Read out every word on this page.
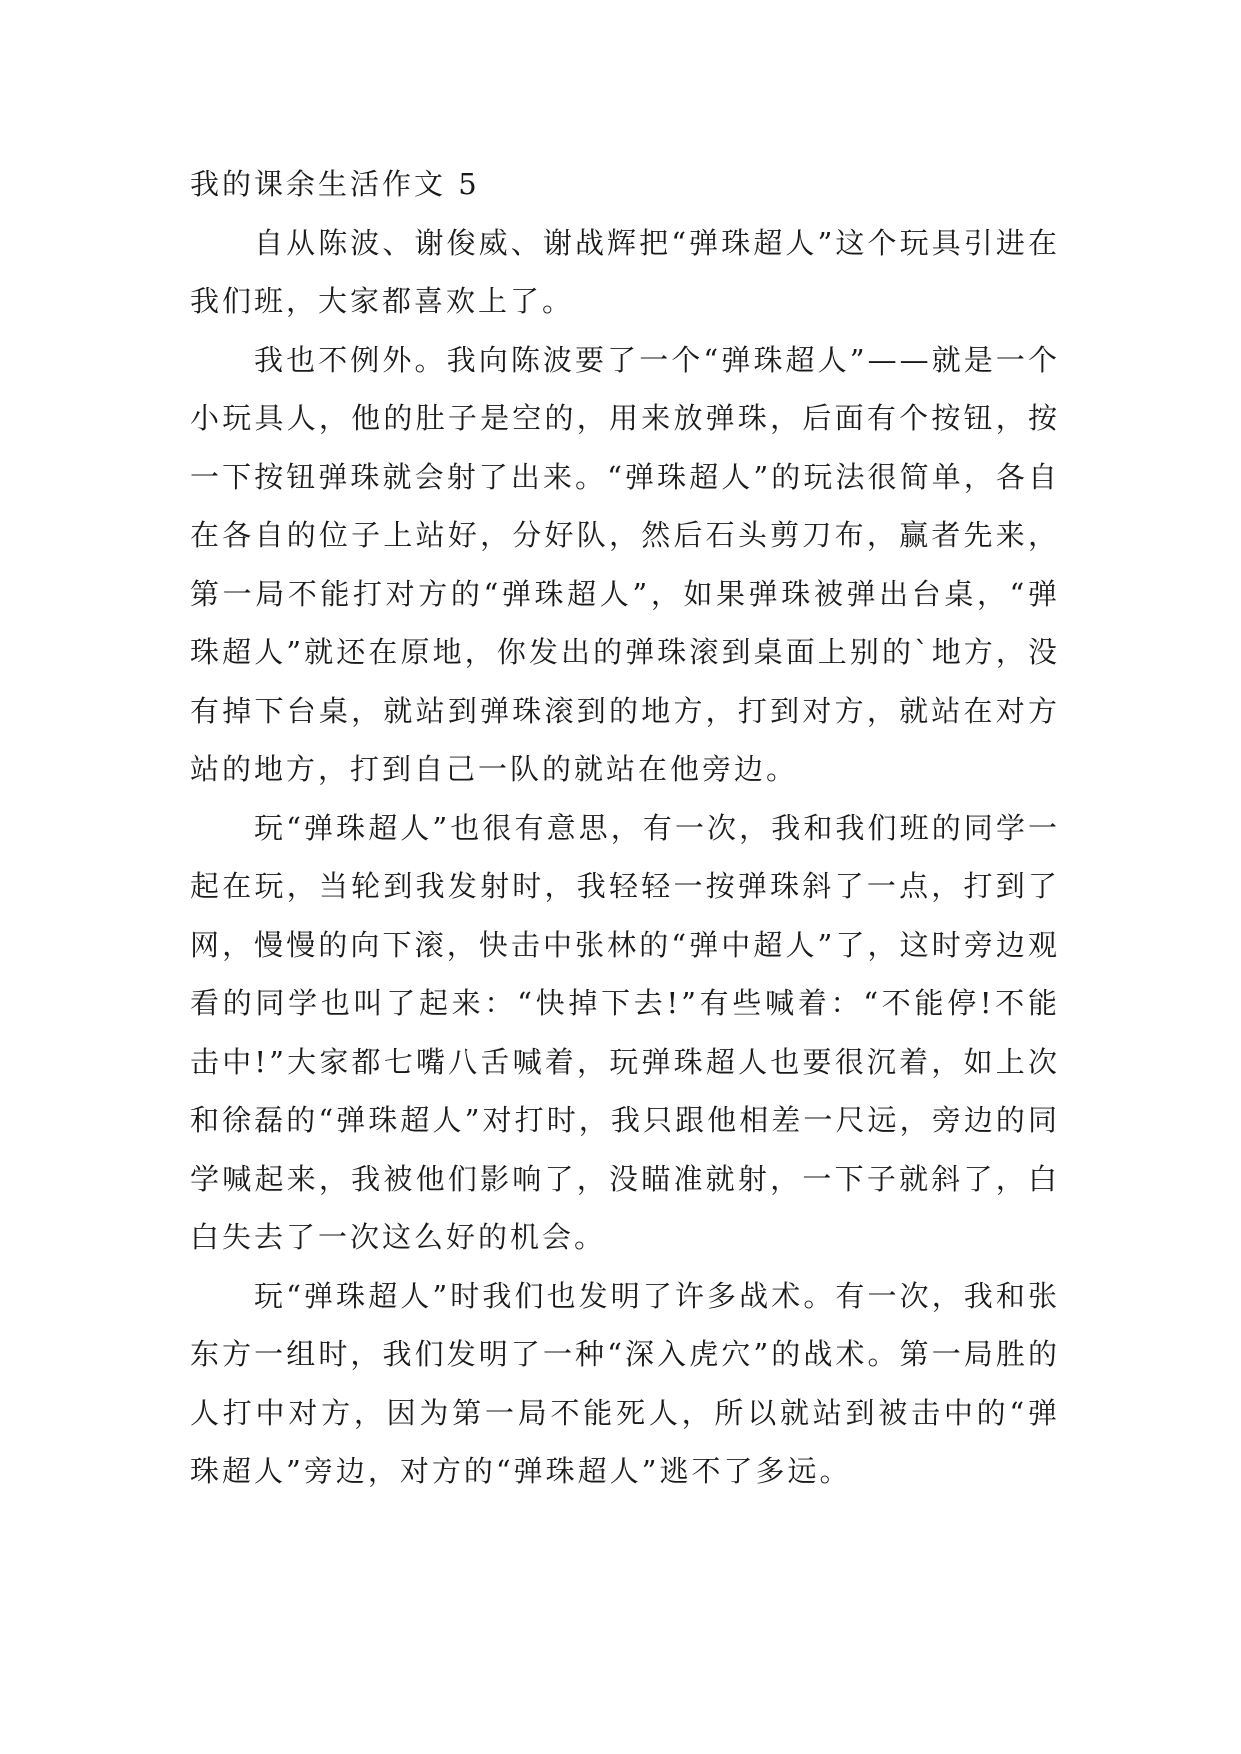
我的课余生活作文 5

自从陈波、谢俊威、谢战辉把“弹珠超人”这个玩具引进在我们班，大家都喜欢上了。

我也不例外。我向陈波要了一个“弹珠超人”——就是一个小玩具人，他的肚子是空的，用来放弹珠，后面有个按钮，按一下按钮弹珠就会射了出来。“弹珠超人”的玩法很简单，各自在各自的位子上站好，分好队，然后石头剪刀布，赢者先来，第一局不能打对方的“弹珠超人”，如果弹珠被弹出台桌，“弹珠超人”就还在原地，你发出的弹珠滚到桌面上别的`地方，没有掉下台桌，就站到弹珠滚到的地方，打到对方，就站在对方站的地方，打到自己一队的就站在他旁边。

玩“弹珠超人”也很有意思，有一次，我和我们班的同学一起在玩，当轮到我发射时，我轻轻一按弹珠斜了一点，打到了网，慢慢的向下滚，快击中张林的“弹中超人”了，这时旁边观看的同学也叫了起来：“快掉下去!”有些喊着：“不能停!不能击中!”大家都七嘴八舌喊着，玩弹珠超人也要很沉着，如上次和徐磊的“弹珠超人”对打时，我只跟他相差一尺远，旁边的同学喊起来，我被他们影响了，没瞄准就射，一下子就斜了，白白失去了一次这么好的机会。

玩“弹珠超人”时我们也发明了许多战术。有一次，我和张东方一组时，我们发明了一种“深入虎穴”的战术。第一局胜的人打中对方，因为第一局不能死人，所以就站到被击中的“弹珠超人”旁边，对方的“弹珠超人”逃不了多远。
